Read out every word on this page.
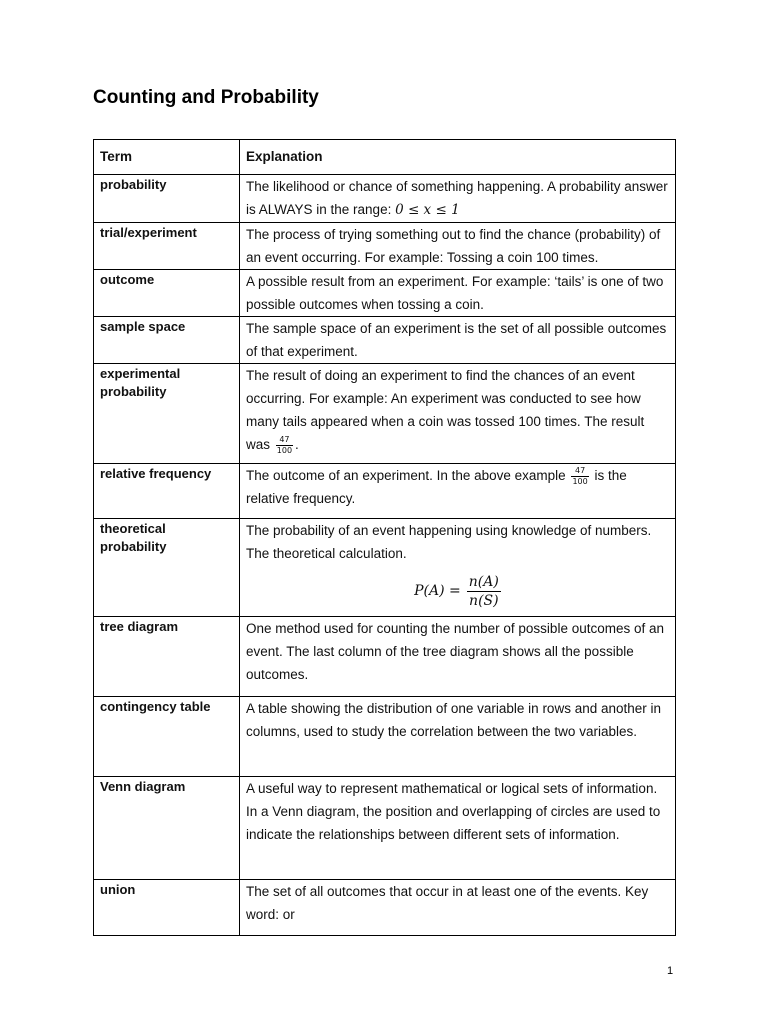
Counting and Probability
Term	Explanation
probability	The likelihood or chance of something happening. A probability answer is ALWAYS in the range: 0 ≤ x ≤ 1
trial/experiment	The process of trying something out to find the chance (probability) of an event occurring. For example: Tossing a coin 100 times.
outcome	A possible result from an experiment. For example: ‘tails’ is one of two possible outcomes when tossing a coin.
sample space	The sample space of an experiment is the set of all possible outcomes of that experiment.
experimental probability	The result of doing an experiment to find the chances of an event occurring. For example: An experiment was conducted to see how many tails appeared when a coin was tossed 100 times. The result was $\frac{47}{100}$ .
relative frequency	The outcome of an experiment. In the above example $\frac{47}{100}$ is the relative frequency.
theoretical probability	The probability of an event happening using knowledge of numbers. The theoretical calculation.
$P(A) = \frac{n(A)}{n(S)}$

tree diagram	One method used for counting the number of possible outcomes of an event. The last column of the tree diagram shows all the possible outcomes.
contingency table	A table showing the distribution of one variable in rows and another in columns, used to study the correlation between the two variables.
Venn diagram	A useful way to represent mathematical or logical sets of information. In a Venn diagram, the position and overlapping of circles are used to indicate the relationships between different sets of information.
union	The set of all outcomes that occur in at least one of the events. Key word: or
1
